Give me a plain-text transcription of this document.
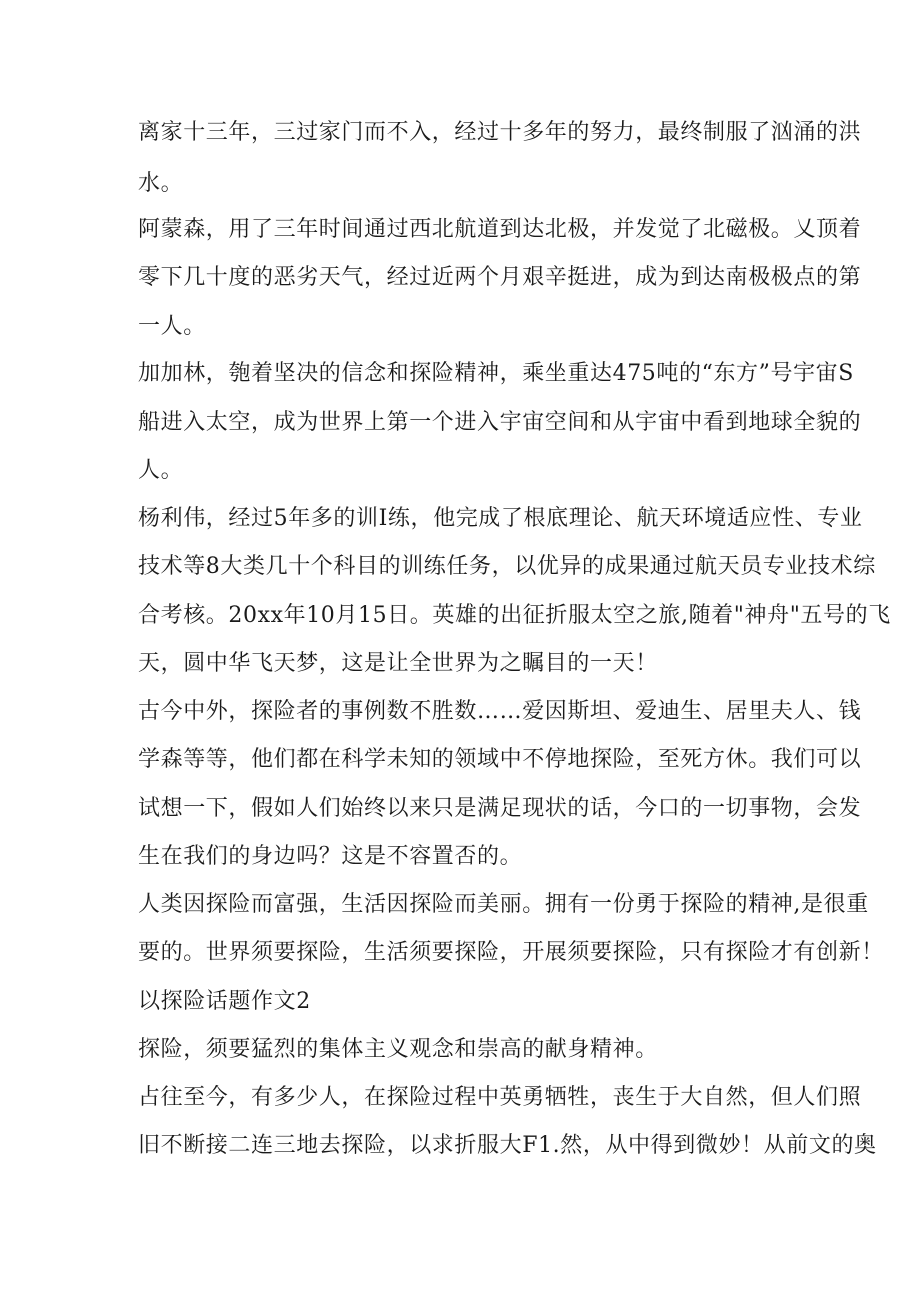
离家十三年，三过家门而不入，经过十多年的努力，最终制服了汹涌的洪
水。
阿蒙森，用了三年时间通过西北航道到达北极，并发觉了北磁极。乂顶着
零下几十度的恶劣天气，经过近两个月艰辛挺进，成为到达南极极点的第
一人。
加加林，匏着坚决的信念和探险精神，乘坐重达475吨的“东方”号宇宙S
船进入太空，成为世界上第一个进入宇宙空间和从宇宙中看到地球全貌的
人。
杨利伟，经过5年多的训I练，他完成了根底理论、航天环境适应性、专业
技术等8大类几十个科目的训练任务，以优异的成果通过航天员专业技术综
合考核。20xx年10月15日。英雄的出征折服太空之旅,随着"神舟"五号的飞
天，圆中华飞天梦，这是让全世界为之瞩目的一天！
古今中外，探险者的事例数不胜数……爱因斯坦、爱迪生、居里夫人、钱
学森等等，他们都在科学未知的领域中不停地探险，至死方休。我们可以
试想一下，假如人们始终以来只是满足现状的话，今口的一切事物，会发
生在我们的身边吗？这是不容置否的。
人类因探险而富强，生活因探险而美丽。拥有一份勇于探险的精神,是很重
要的。世界须要探险，生活须要探险，开展须要探险，只有探险才有创新！
以探险话题作文2
探险，须要猛烈的集体主义观念和崇高的献身精神。
占往至今，有多少人，在探险过程中英勇牺牲，丧生于大自然，但人们照
旧不断接二连三地去探险，以求折服大F1.然，从中得到微妙！从前文的奥
